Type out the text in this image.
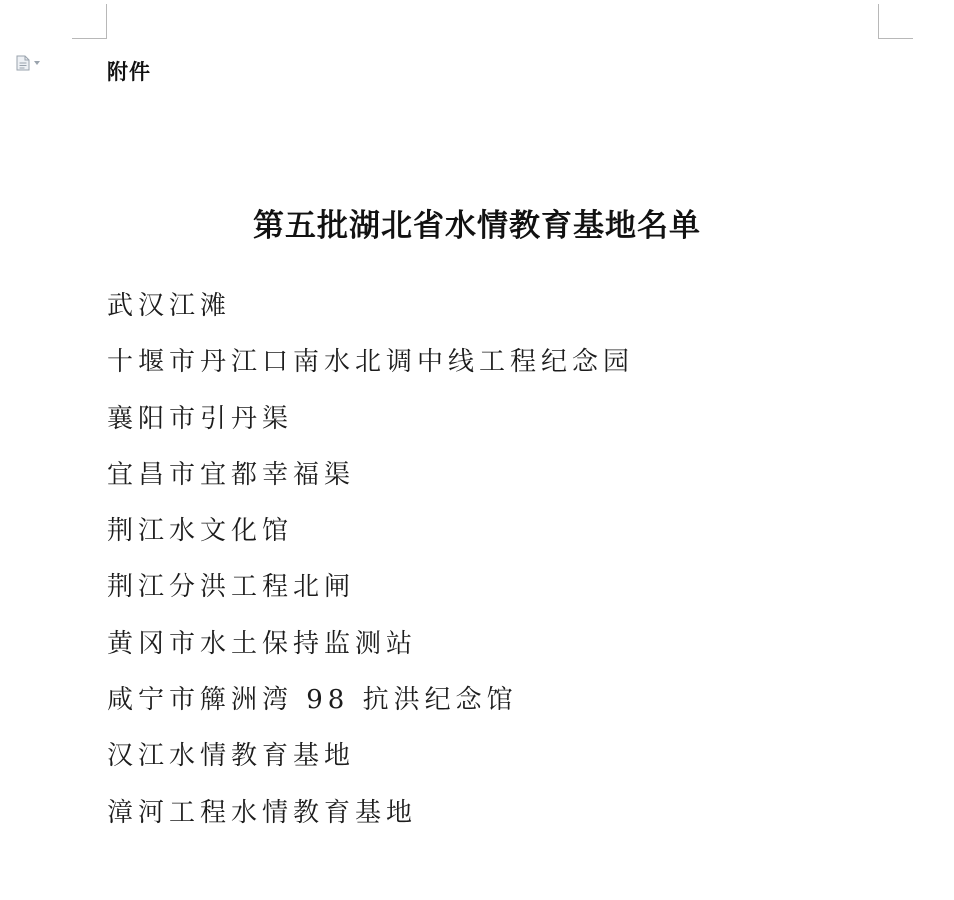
附件
第五批湖北省水情教育基地名单
武汉江滩
十堰市丹江口南水北调中线工程纪念园
襄阳市引丹渠
宜昌市宜都幸福渠
荆江水文化馆
荆江分洪工程北闸
黄冈市水土保持监测站
咸宁市簰洲湾 98 抗洪纪念馆
汉江水情教育基地
漳河工程水情教育基地
